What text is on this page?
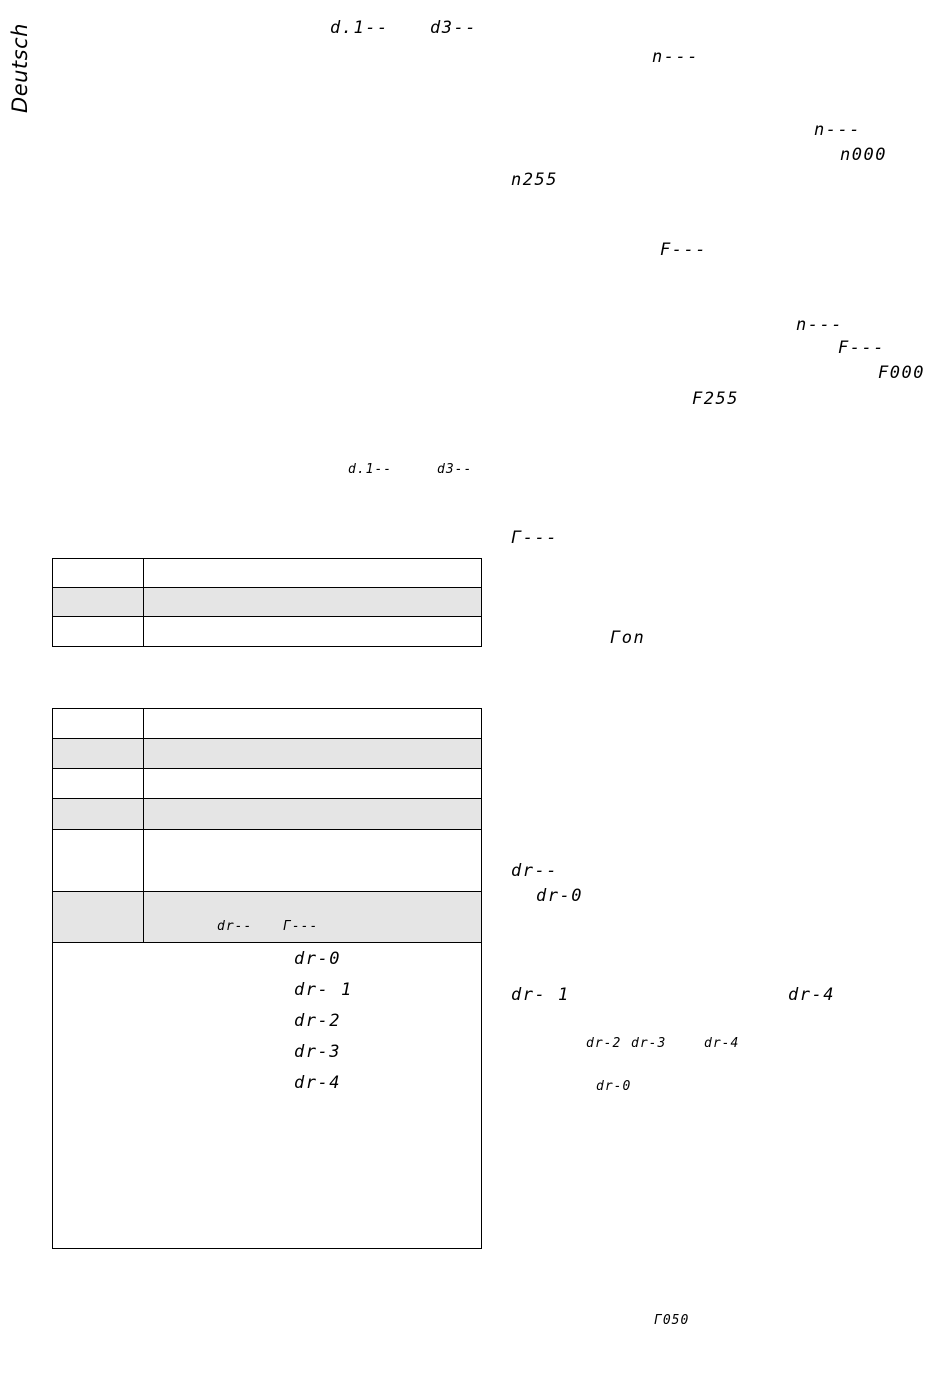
Deutsch	d.1-- d3--
d.1--	d3--
dr-- Γ---
dr-0
dr- 1
dr-2
dr-3
dr-4
n---
n---
n000
n255
F---
n---
F---
F000
F255
Γ---
Γon
dr--
dr-0
dr- 1	dr-4
dr-2 dr-3	dr-4
dr-0
Γ050
